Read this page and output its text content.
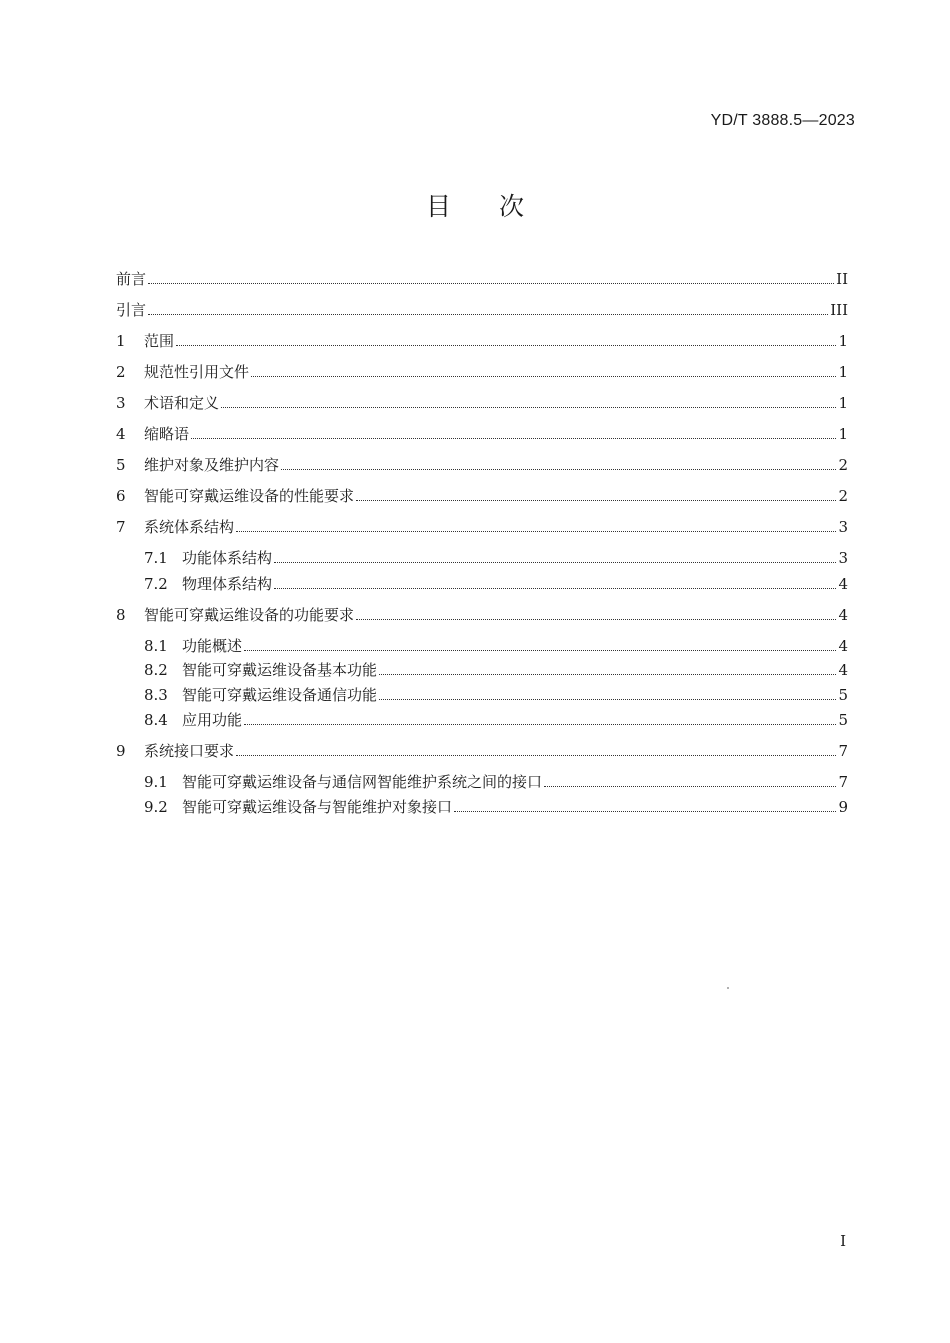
YD/T 3888.5—2023
目 次
前言	II
引言	III
1	范围	1
2	规范性引用文件	1
3	术语和定义	1
4	缩略语	1
5	维护对象及维护内容	2
6	智能可穿戴运维设备的性能要求	2
7	系统体系结构	3
7.1 功能体系结构	3
7.2 物理体系结构	4
8	智能可穿戴运维设备的功能要求	4
8.1 功能概述	4
8.2 智能可穿戴运维设备基本功能	4
8.3 智能可穿戴运维设备通信功能	5
8.4 应用功能	5
9	系统接口要求	7
9.1 智能可穿戴运维设备与通信网智能维护系统之间的接口	7
9.2 智能可穿戴运维设备与智能维护对象接口	9
I
